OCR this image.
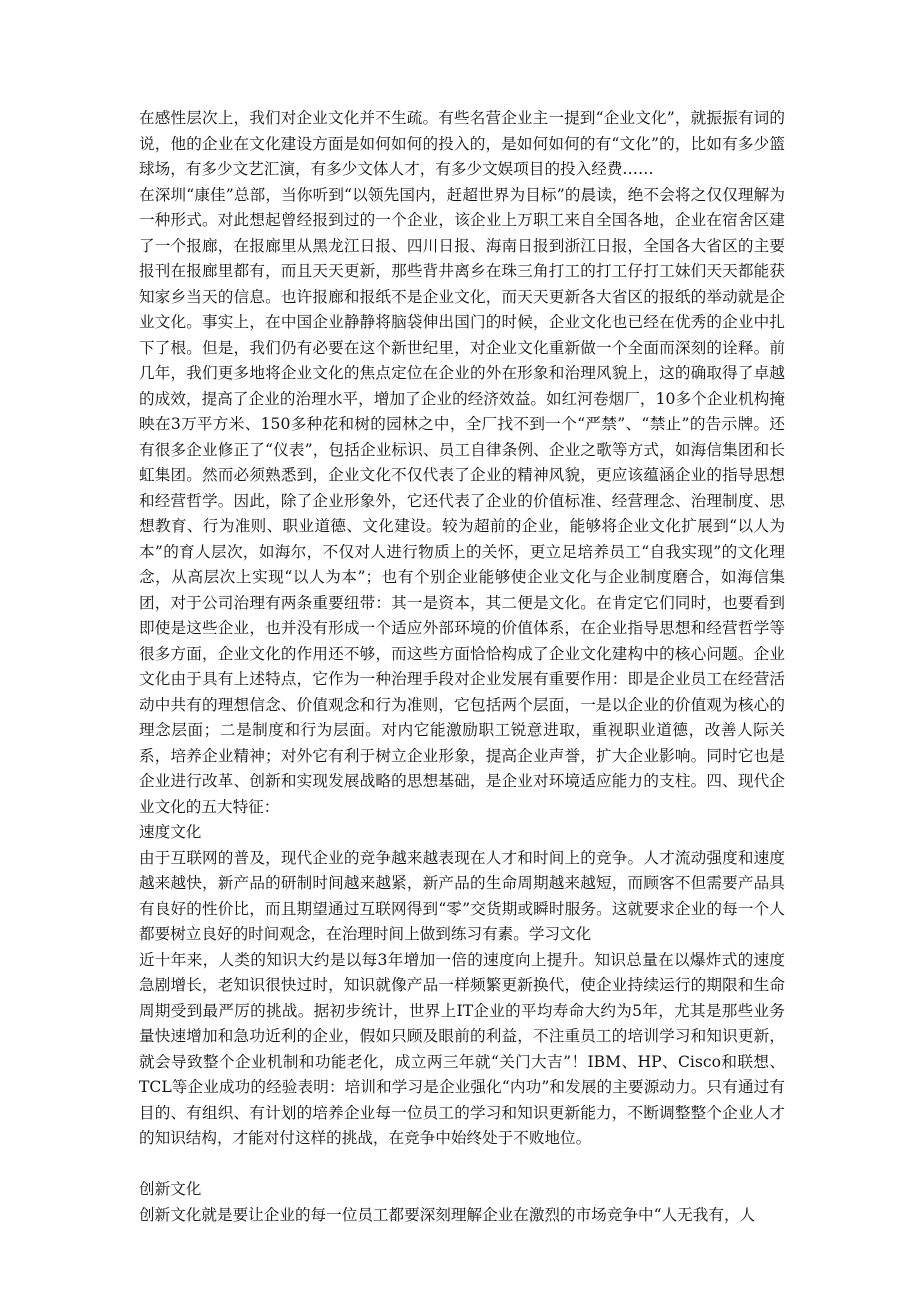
在感性层次上，我们对企业文化并不生疏。有些名营企业主一提到“企业文化”，就振振有词的说，他的企业在文化建设方面是如何如何的投入的，是如何如何的有“文化”的，比如有多少篮球场，有多少文艺汇演，有多少文体人才，有多少文娱项目的投入经费……

在深圳“康佳”总部，当你听到“以领先国内，赶超世界为目标”的晨读，绝不会将之仅仅理解为一种形式。对此想起曾经报到过的一个企业，该企业上万职工来自全国各地，企业在宿舍区建了一个报廊，在报廊里从黑龙江日报、四川日报、海南日报到浙江日报，全国各大省区的主要报刊在报廊里都有，而且天天更新，那些背井离乡在珠三角打工的打工仔打工妹们天天都能获知家乡当天的信息。也许报廊和报纸不是企业文化，而天天更新各大省区的报纸的举动就是企业文化。事实上，在中国企业静静将脑袋伸出国门的时候，企业文化也已经在优秀的企业中扎下了根。但是，我们仍有必要在这个新世纪里，对企业文化重新做一个全面而深刻的诠释。前几年，我们更多地将企业文化的焦点定位在企业的外在形象和治理风貌上，这的确取得了卓越的成效，提高了企业的治理水平，增加了企业的经济效益。如红河卷烟厂，10多个企业机构掩映在3万平方米、150多种花和树的园林之中，全厂找不到一个“严禁”、“禁止”的告示牌。还有很多企业修正了“仪表”，包括企业标识、员工自律条例、企业之歌等方式，如海信集团和长虹集团。然而必须熟悉到，企业文化不仅代表了企业的精神风貌，更应该蕴涵企业的指导思想和经营哲学。因此，除了企业形象外，它还代表了企业的价值标准、经营理念、治理制度、思想教育、行为准则、职业道德、文化建设。较为超前的企业，能够将企业文化扩展到“以人为本”的育人层次，如海尔，不仅对人进行物质上的关怀，更立足培养员工“自我实现”的文化理念，从高层次上实现“以人为本”；也有个别企业能够使企业文化与企业制度磨合，如海信集团，对于公司治理有两条重要纽带：其一是资本，其二便是文化。在肯定它们同时，也要看到即使是这些企业，也并没有形成一个适应外部环境的价值体系，在企业指导思想和经营哲学等很多方面，企业文化的作用还不够，而这些方面恰恰构成了企业文化建构中的核心问题。企业文化由于具有上述特点，它作为一种治理手段对企业发展有重要作用：即是企业员工在经营活动中共有的理想信念、价值观念和行为准则，它包括两个层面，一是以企业的价值观为核心的理念层面；二是制度和行为层面。对内它能激励职工锐意进取，重视职业道德，改善人际关系，培养企业精神；对外它有利于树立企业形象，提高企业声誉，扩大企业影响。同时它也是企业进行改革、创新和实现发展战略的思想基础，是企业对环境适应能力的支柱。四、现代企业文化的五大特征：

速度文化

由于互联网的普及，现代企业的竞争越来越表现在人才和时间上的竞争。人才流动强度和速度越来越快，新产品的研制时间越来越紧，新产品的生命周期越来越短，而顾客不但需要产品具有良好的性价比，而且期望通过互联网得到“零”交货期或瞬时服务。这就要求企业的每一个人都要树立良好的时间观念，在治理时间上做到练习有素。学习文化

近十年来，人类的知识大约是以每3年增加一倍的速度向上提升。知识总量在以爆炸式的速度急剧增长，老知识很快过时，知识就像产品一样频繁更新换代，使企业持续运行的期限和生命周期受到最严厉的挑战。据初步统计，世界上IT企业的平均寿命大约为5年，尤其是那些业务量快速增加和急功近利的企业，假如只顾及眼前的利益，不注重员工的培训学习和知识更新，就会导致整个企业机制和功能老化，成立两三年就“关门大吉”！IBM、HP、Cisco和联想、TCL等企业成功的经验表明：培训和学习是企业强化“内功”和发展的主要源动力。只有通过有目的、有组织、有计划的培养企业每一位员工的学习和知识更新能力，不断调整整个企业人才的知识结构，才能对付这样的挑战，在竞争中始终处于不败地位。

创新文化

创新文化就是要让企业的每一位员工都要深刻理解企业在激烈的市场竞争中“人无我有，人
